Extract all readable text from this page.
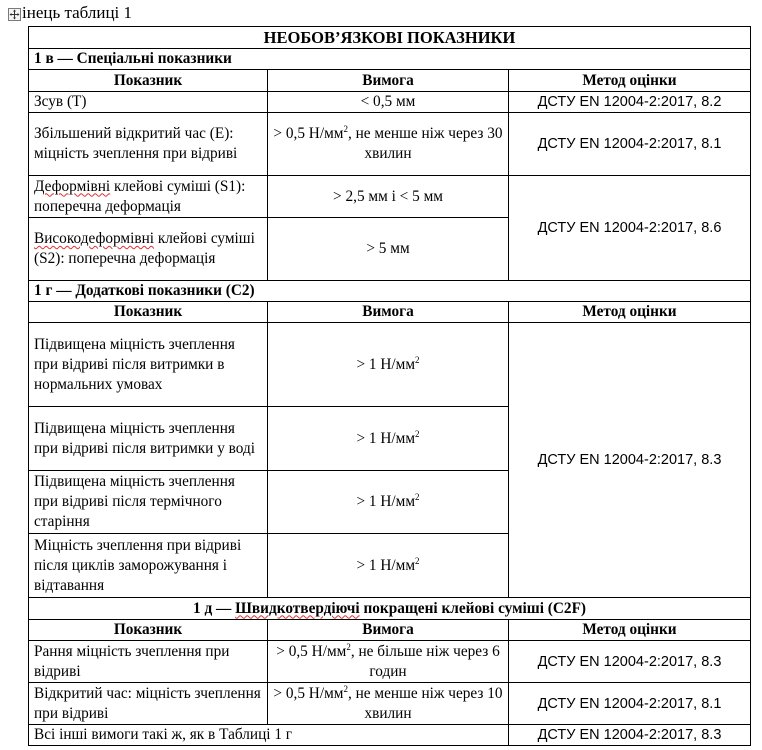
інець таблиці 1
НЕОБОВ’ЯЗКОВІ ПОКАЗНИКИ		
1 в — Спеціальні показники		
Показник	Вимога	Метод оцінки
Зсув (T)	< 0,5 мм	ДСТУ EN 12004-2:2017, 8.2
Збільшений відкритий час (E): міцність зчеплення при відриві	> 0,5 $Н/мм^2$, не менше ніж через 30 хвилин	ДСТУ EN 12004-2:2017, 8.1
Деформівні клейові суміші (S1): поперечна деформація	> 2,5 мм і < 5 мм	ДСТУ EN 12004-2:2017, 8.6
Високодеформівні клейові суміші (S2): поперечна деформація	> 5 мм	
1 г — Додаткові показники (C2)		
Показник	Вимога	Метод оцінки
Підвищена міцність зчеплення при відриві після витримки в нормальних умовах	> 1 $Н/мм^2$	ДСТУ EN 12004-2:2017, 8.3
Підвищена міцність зчеплення при відриві після витримки у воді	> 1 $Н/мм^2$
Підвищена міцність зчеплення при відриві після термічного старіння	> 1 $Н/мм^2$
Міцність зчеплення при відриві після циклів заморожування і відтавання	> 1 $Н/мм^2$
1 д — Швидкотвердіючі покращені клейові суміші (C2F)		
Показник	Вимога	Метод оцінки
Рання міцність зчеплення при відриві	> 0,5 $Н/мм^2$, не більше ніж через 6 годин	ДСТУ EN 12004-2:2017, 8.3
Відкритий час: міцність зчеплення при відриві	> 0,5 $Н/мм^2$, не менше ніж через 10 хвилин	ДСТУ EN 12004-2:2017, 8.1
Всі інші вимоги такі ж, як в Таблиці 1 г		ДСТУ EN 12004-2:2017, 8.3
